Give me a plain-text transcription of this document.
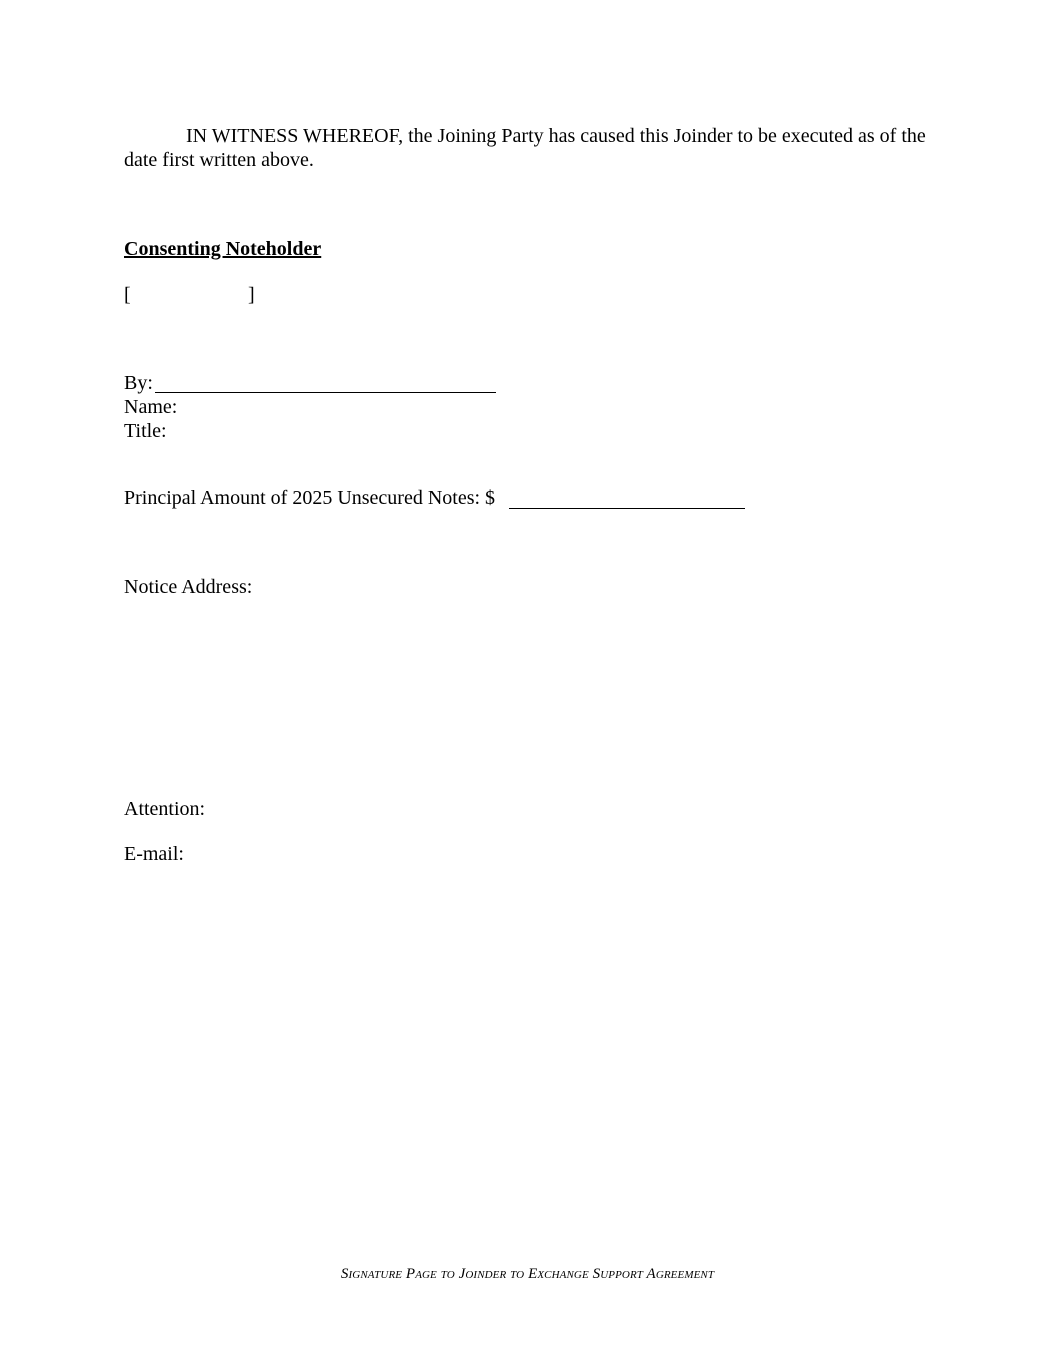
IN WITNESS WHEREOF, the Joining Party has caused this Joinder to be executed as of the date first written above.
Consenting Noteholder
[	]
By:
Name:
Title:
Principal Amount of 2025 Unsecured Notes: $
Notice Address:
Attention:
E-mail:
Signature Page to Joinder to Exchange Support Agreement
